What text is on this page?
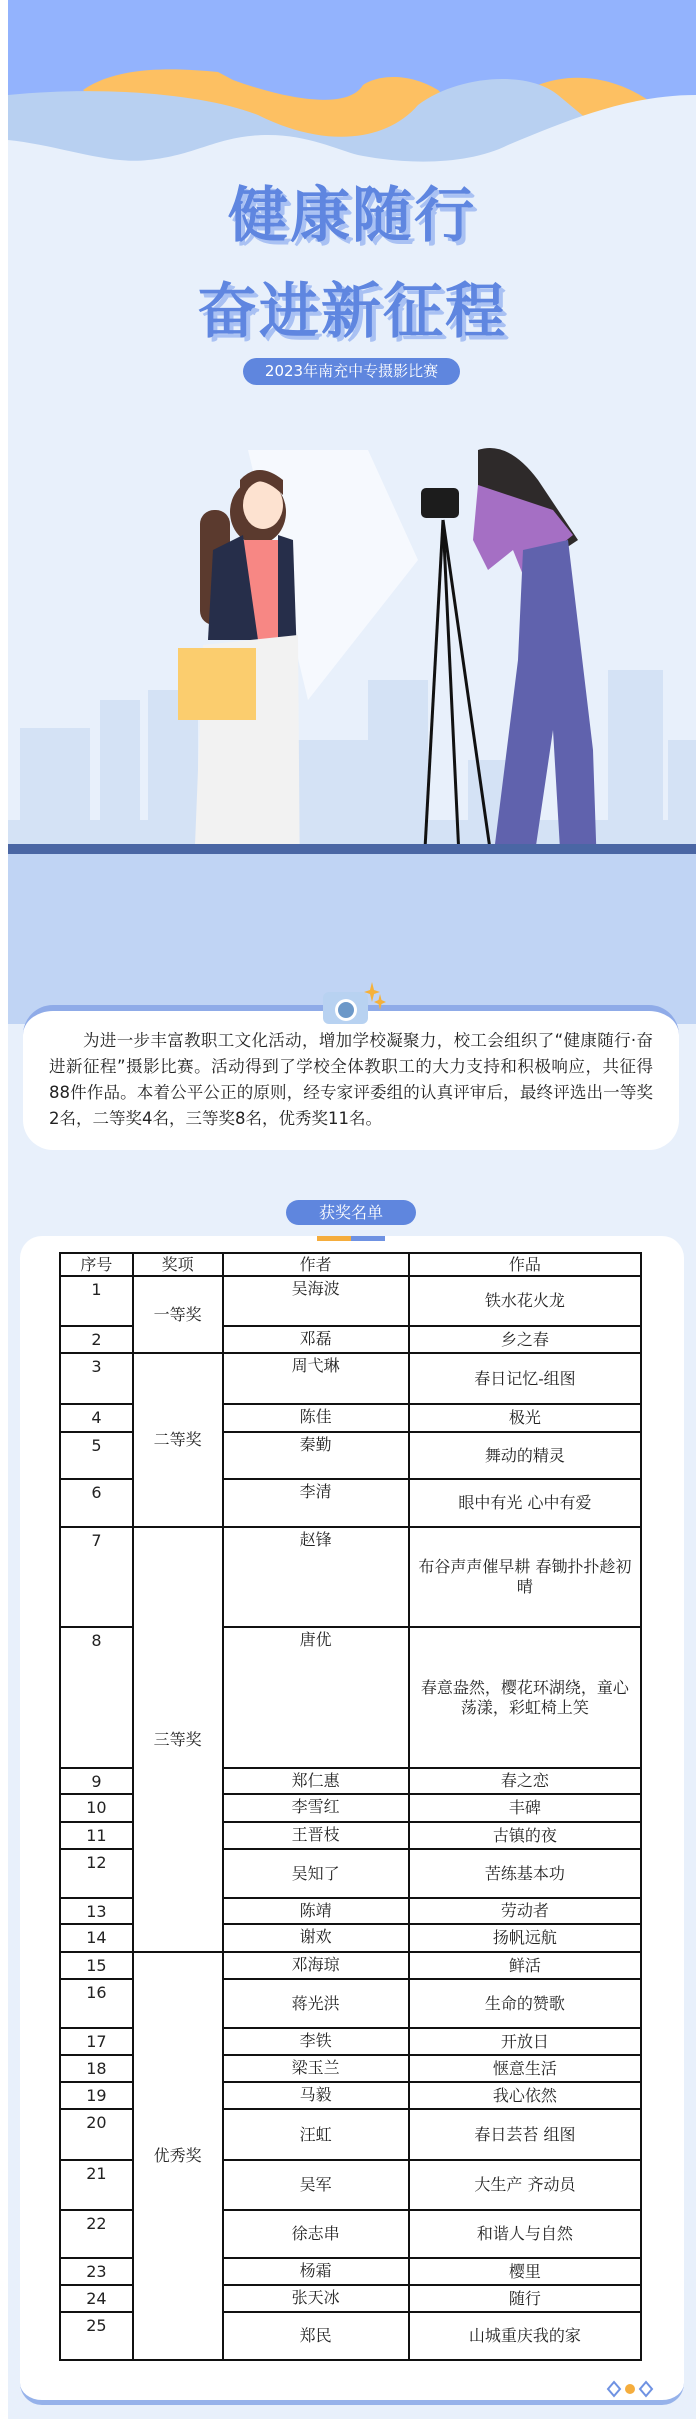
健康随行
奋进新征程
2023年南充中专摄影比赛

为进一步丰富教职工文化活动，增加学校凝聚力，校工会组织了“健康随行·奋进新征程”摄影比赛。活动得到了学校全体教职工的大力支持和积极响应，共征得88件作品。本着公平公正的原则，经专家评委组的认真评审后，最终评选出一等奖2名，二等奖4名，三等奖8名，优秀奖11名。

获奖名单
序号	奖项	作者	作品
1	一等奖	吴海波	铁水花火龙
2		邓磊	乡之春
3	二等奖	周弋琳	春日记忆-组图
4		陈佳	极光
5		秦勤	舞动的精灵
6		李清	眼中有光 心中有爱
7	三等奖	赵锋	布谷声声催早耕 春锄扑扑趁初晴
8		唐优	春意盎然，樱花环湖绕，童心荡漾，彩虹椅上笑
9		郑仁惠	春之恋
10		李雪红	丰碑
11		王晋枝	古镇的夜
12		吴知了	苦练基本功
13		陈靖	劳动者
14		谢欢	扬帆远航
15	优秀奖	邓海琼	鲜活
16		蒋光洪	生命的赞歌
17		李铁	开放日
18		梁玉兰	惬意生活
19		马毅	我心依然
20		汪虹	春日芸苔 组图
21		吴军	大生产 齐动员
22		徐志串	和谐人与自然
23		杨霜	樱里
24		张天冰	随行
25		郑民	山城重庆我的家
